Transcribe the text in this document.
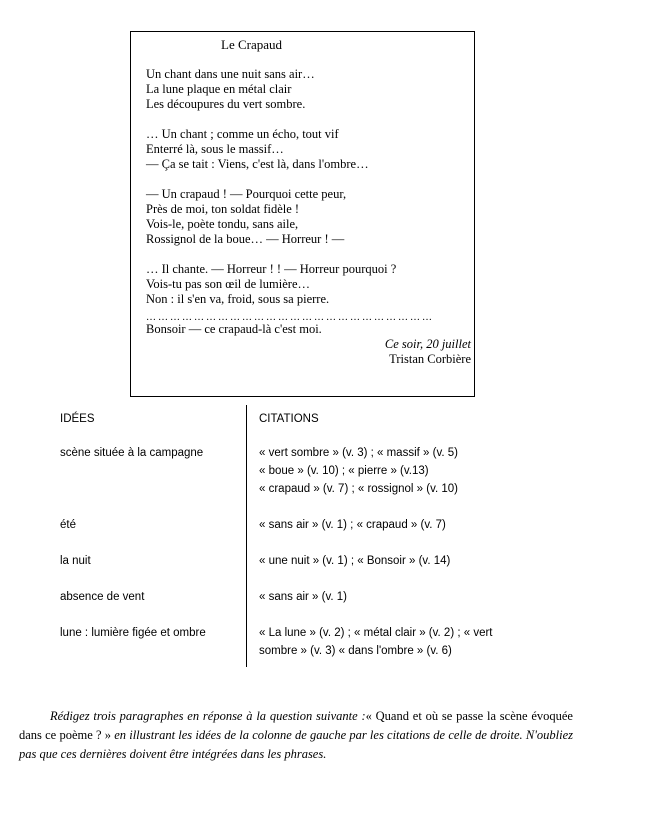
Le Crapaud
Un chant dans une nuit sans air…
La lune plaque en métal clair
Les découpures du vert sombre.
… Un chant ; comme un écho, tout vif
Enterré là, sous le massif…
— Ça se tait : Viens, c'est là, dans l'ombre…
— Un crapaud ! — Pourquoi cette peur,
Près de moi, ton soldat fidèle !
Vois-le, poète tondu, sans aile,
Rossignol de la boue… — Horreur ! —
… Il chante. — Horreur ! ! — Horreur pourquoi ?
Vois-tu pas son œil de lumière…
Non : il s'en va, froid, sous sa pierre.
………………………………………………………………
Bonsoir — ce crapaud-là c'est moi.
Ce soir, 20 juillet
Tristan Corbière
IDÉES	CITATIONS
scène située à la campagne	« vert sombre » (v. 3) ; « massif » (v. 5)
« boue » (v. 10) ; « pierre » (v.13)
« crapaud » (v. 7) ; « rossignol » (v. 10)
été	« sans air » (v. 1) ; « crapaud » (v. 7)
la nuit	« une nuit » (v. 1) ; « Bonsoir » (v. 14)
absence de vent	« sans air » (v. 1)
lune : lumière figée et ombre	« La lune » (v. 2) ; « métal clair » (v. 2) ; « vert
sombre » (v. 3) « dans l'ombre » (v. 6)
Rédigez trois paragraphes en réponse à la question suivante :« Quand et où se passe la scène évoquée dans ce poème ? » en illustrant les idées de la colonne de gauche par les citations de celle de droite. N'oubliez pas que ces dernières doivent être intégrées dans les phrases.
